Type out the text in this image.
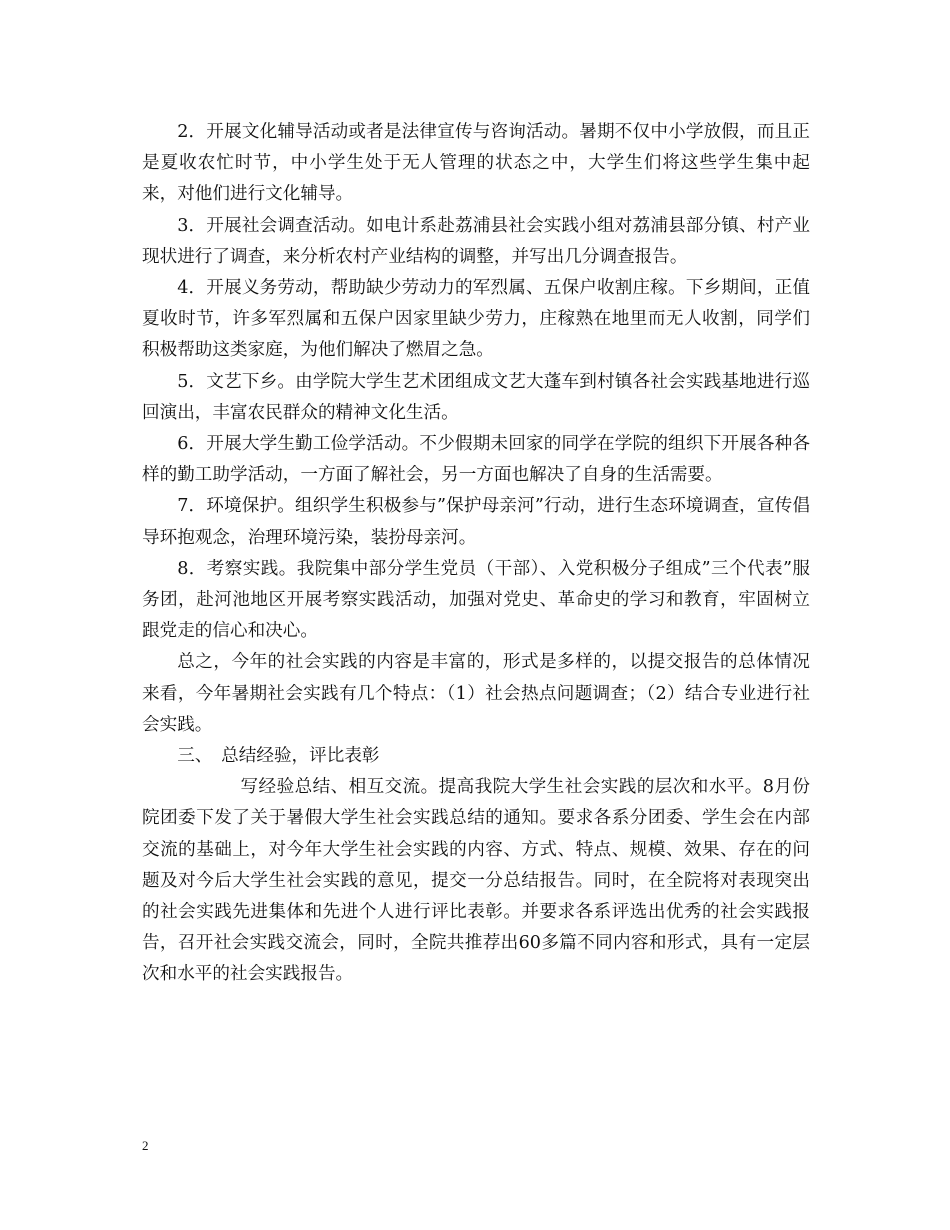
2．开展文化辅导活动或者是法律宣传与咨询活动。暑期不仅中小学放假，而且正是夏收农忙时节，中小学生处于无人管理的状态之中，大学生们将这些学生集中起来，对他们进行文化辅导。

3．开展社会调查活动。如电计系赴荔浦县社会实践小组对荔浦县部分镇、村产业现状进行了调查，来分析农村产业结构的调整，并写出几分调查报告。

4．开展义务劳动，帮助缺少劳动力的军烈属、五保户收割庄稼。下乡期间，正值夏收时节，许多军烈属和五保户因家里缺少劳力，庄稼熟在地里而无人收割，同学们积极帮助这类家庭，为他们解决了燃眉之急。

5．文艺下乡。由学院大学生艺术团组成文艺大蓬车到村镇各社会实践基地进行巡回演出，丰富农民群众的精神文化生活。

6．开展大学生勤工俭学活动。不少假期未回家的同学在学院的组织下开展各种各样的勤工助学活动，一方面了解社会，另一方面也解决了自身的生活需要。

7．环境保护。组织学生积极参与”保护母亲河”行动，进行生态环境调查，宣传倡导环抱观念，治理环境污染，装扮母亲河。

8．考察实践。我院集中部分学生党员（干部）、入党积极分子组成”三个代表”服务团，赴河池地区开展考察实践活动，加强对党史、革命史的学习和教育，牢固树立跟党走的信心和决心。

总之，今年的社会实践的内容是丰富的，形式是多样的，以提交报告的总体情况来看，今年暑期社会实践有几个特点：（1）社会热点问题调查；（2）结合专业进行社会实践。

三、　总结经验，评比表彰

写经验总结、相互交流。提高我院大学生社会实践的层次和水平。8月份院团委下发了关于暑假大学生社会实践总结的通知。要求各系分团委、学生会在内部交流的基础上，对今年大学生社会实践的内容、方式、特点、规模、效果、存在的问题及对今后大学生社会实践的意见，提交一分总结报告。同时，在全院将对表现突出的社会实践先进集体和先进个人进行评比表彰。并要求各系评选出优秀的社会实践报告，召开社会实践交流会，同时，全院共推荐出60多篇不同内容和形式，具有一定层次和水平的社会实践报告。

2
